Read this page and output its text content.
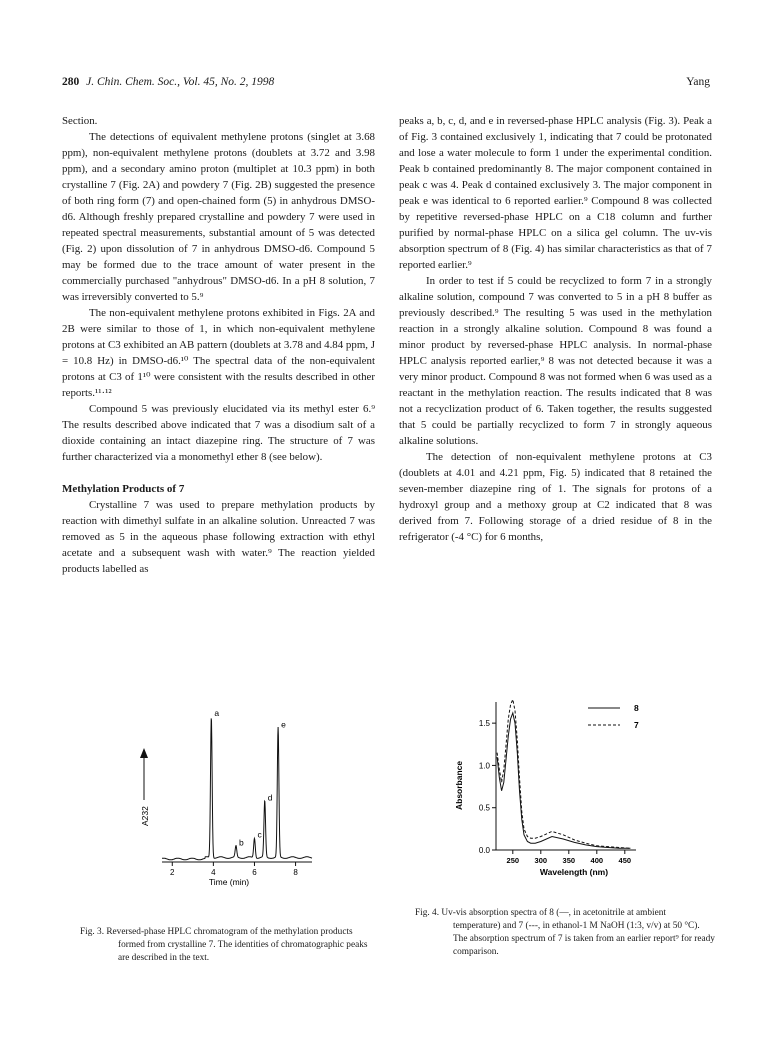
280 J. Chin. Chem. Soc., Vol. 45, No. 2, 1998	Yang

Section.

The detections of equivalent methylene protons (singlet at 3.68 ppm), non-equivalent methylene protons (doublets at 3.72 and 3.98 ppm), and a secondary amino proton (multiplet at 10.3 ppm) in both crystalline 7 (Fig. 2A) and powdery 7 (Fig. 2B) suggested the presence of both ring form (7) and open-chained form (5) in anhydrous DMSO-d6. Although freshly prepared crystalline and powdery 7 were used in repeated spectral measurements, substantial amount of 5 was detected (Fig. 2) upon dissolution of 7 in anhydrous DMSO-d6. Compound 5 may be formed due to the trace amount of water present in the commercially purchased "anhydrous" DMSO-d6. In a pH 8 solution, 7 was irreversibly converted to 5.⁹

The non-equivalent methylene protons exhibited in Figs. 2A and 2B were similar to those of 1, in which non-equivalent methylene protons at C3 exhibited an AB pattern (doublets at 3.78 and 4.84 ppm, J = 10.8 Hz) in DMSO-d6.¹⁰ The spectral data of the non-equivalent protons at C3 of 1¹⁰ were consistent with the results described in other reports.¹¹·¹²

Compound 5 was previously elucidated via its methyl ester 6.⁹ The results described above indicated that 7 was a disodium salt of a dioxide containing an intact diazepine ring. The structure of 7 was further characterized via a monomethyl ether 8 (see below).

Methylation Products of 7

Crystalline 7 was used to prepare methylation products by reaction with dimethyl sulfate in an alkaline solution. Unreacted 7 was removed as 5 in the aqueous phase following extraction with ethyl acetate and a subsequent wash with water.⁹ The reaction yielded products labelled as

peaks a, b, c, d, and e in reversed-phase HPLC analysis (Fig. 3). Peak a of Fig. 3 contained exclusively 1, indicating that 7 could be protonated and lose a water molecule to form 1 under the experimental condition. Peak b contained predominantly 8. The major component contained in peak c was 4. Peak d contained exclusively 3. The major component in peak e was identical to 6 reported earlier.⁹ Compound 8 was collected by repetitive reversed-phase HPLC on a C18 column and further purified by normal-phase HPLC on a silica gel column. The uv-vis absorption spectrum of 8 (Fig. 4) has similar characteristics as that of 7 reported earlier.⁹

In order to test if 5 could be recyclized to form 7 in a strongly alkaline solution, compound 7 was converted to 5 in a pH 8 buffer as previously described.⁹ The resulting 5 was used in the methylation reaction in a strongly alkaline solution. Compound 8 was found a minor product by reversed-phase HPLC analysis. In normal-phase HPLC analysis reported earlier,⁹ 8 was not detected because it was a very minor product. Compound 8 was not formed when 6 was used as a reactant in the methylation reaction. The results indicated that 8 was not a recyclization product of 6. Taken together, the results suggested that 5 could be partially recyclized to form 7 in strongly aqueous alkaline solutions.

The detection of non-equivalent methylene protons at C3 (doublets at 4.01 and 4.21 ppm, Fig. 5) indicated that 8 retained the seven-member diazepine ring of 1. The signals for protons of a hydroxyl group and a methoxy group at C2 indicated that 8 was derived from 7. Following storage of a dried residue of 8 in the refrigerator (-4 °C) for 6 months,

2	4	6	8
Time (min)
A232
a
b
c
d
e
Fig. 3. Reversed-phase HPLC chromatogram of the methylation products formed from crystalline 7. The identities of chromatographic peaks are described in the text.
0.0
0.5
1.0
1.5
250 300 350 400 450
Wavelength (nm)
Absorbance
8
7
Fig. 4. Uv-vis absorption spectra of 8 (—, in acetonitrile at ambient temperature) and 7 (---, in ethanol-1 M NaOH (1:3, v/v) at 50 °C). The absorption spectrum of 7 is taken from an earlier report⁹ for ready comparison.
